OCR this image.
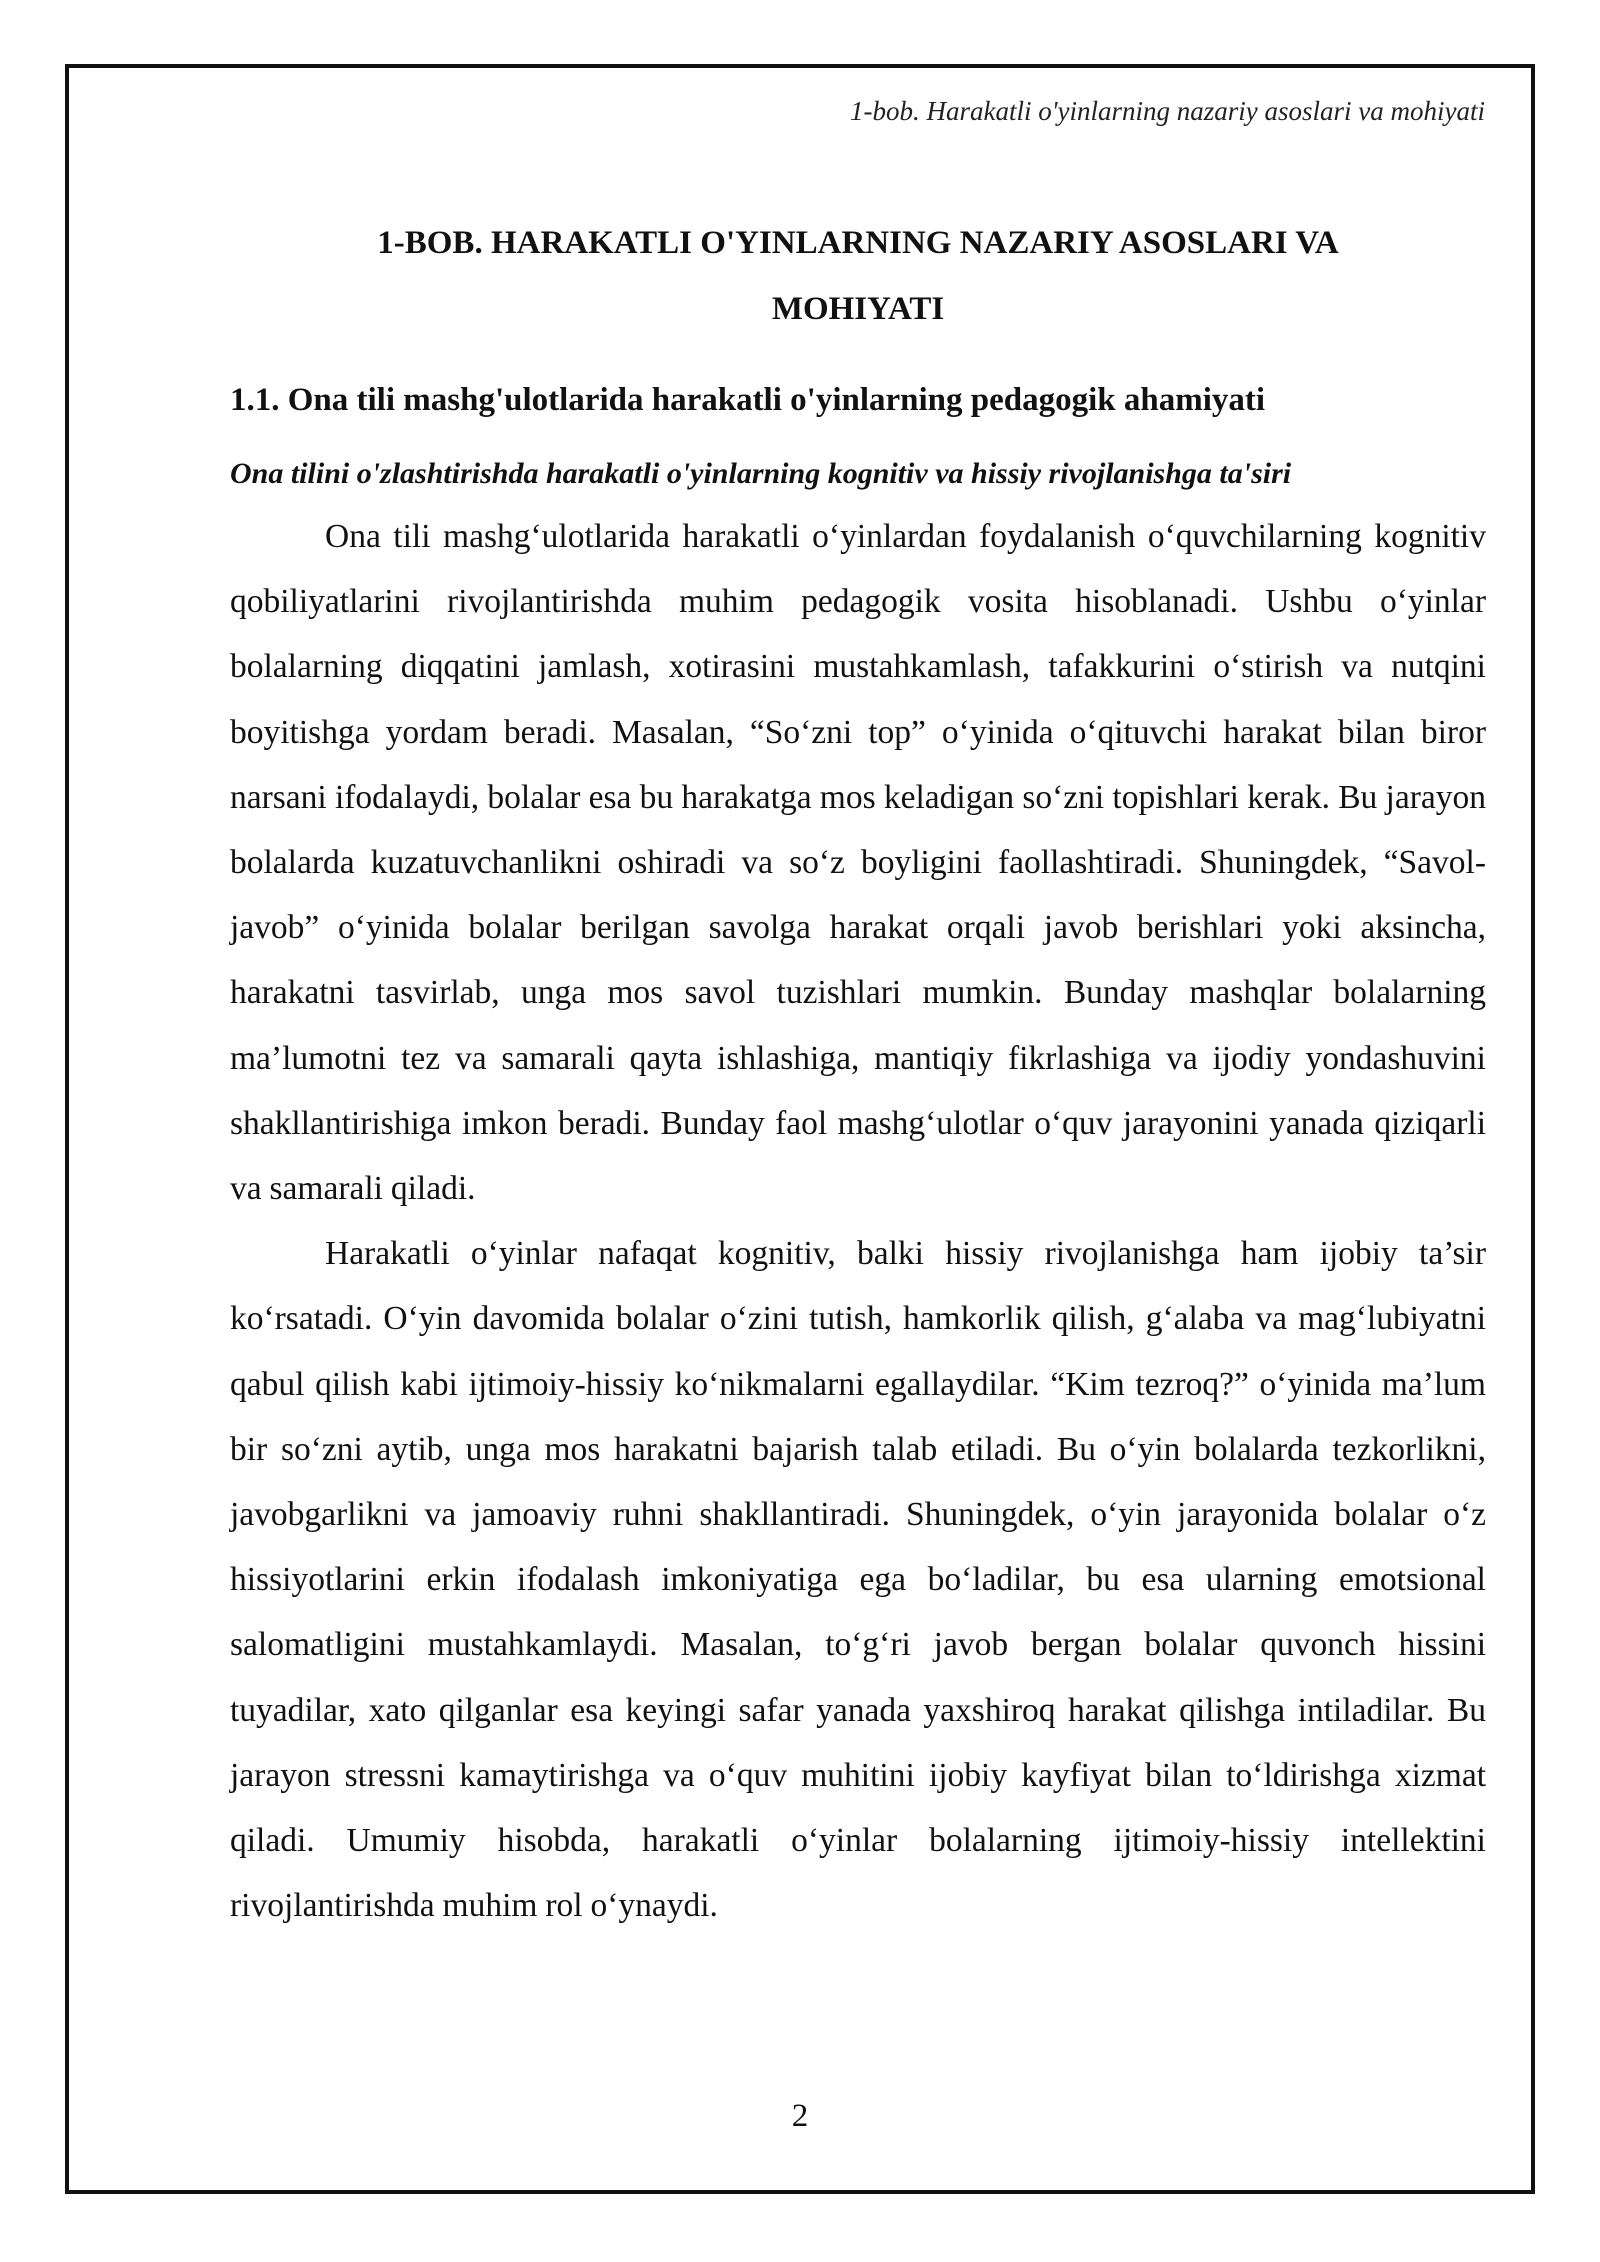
1-bob. Harakatli o'yinlarning nazariy asoslari va mohiyati
1-BOB. HARAKATLI O'YINLARNING NAZARIY ASOSLARI VA MOHIYATI
1.1. Ona tili mashg'ulotlarida harakatli o'yinlarning pedagogik ahamiyati
Ona tilini o'zlashtirishda harakatli o'yinlarning kognitiv va hissiy rivojlanishga ta'siri

Ona tili mashg‘ulotlarida harakatli o‘yinlardan foydalanish o‘quvchilarning kognitiv qobiliyatlarini rivojlantirishda muhim pedagogik vosita hisoblanadi. Ushbu o‘yinlar bolalarning diqqatini jamlash, xotirasini mustahkamlash, tafakkurini o‘stirish va nutqini boyitishga yordam beradi. Masalan, “So‘zni top” o‘yinida o‘qituvchi harakat bilan biror narsani ifodalaydi, bolalar esa bu harakatga mos keladigan so‘zni topishlari kerak. Bu jarayon bolalarda kuzatuvchanlikni oshiradi va so‘z boyligini faollashtiradi. Shuningdek, “Savol-javob” o‘yinida bolalar berilgan savolga harakat orqali javob berishlari yoki aksincha, harakatni tasvirlab, unga mos savol tuzishlari mumkin. Bunday mashqlar bolalarning ma’lumotni tez va samarali qayta ishlashiga, mantiqiy fikrlashiga va ijodiy yondashuvini shakllantirishiga imkon beradi. Bunday faol mashg‘ulotlar o‘quv jarayonini yanada qiziqarli va samarali qiladi.

Harakatli o‘yinlar nafaqat kognitiv, balki hissiy rivojlanishga ham ijobiy ta’sir ko‘rsatadi. O‘yin davomida bolalar o‘zini tutish, hamkorlik qilish, g‘alaba va mag‘lubiyatni qabul qilish kabi ijtimoiy-hissiy ko‘nikmalarni egallaydilar. “Kim tezroq?” o‘yinida ma’lum bir so‘zni aytib, unga mos harakatni bajarish talab etiladi. Bu o‘yin bolalarda tezkorlikni, javobgarlikni va jamoaviy ruhni shakllantiradi. Shuningdek, o‘yin jarayonida bolalar o‘z hissiyotlarini erkin ifodalash imkoniyatiga ega bo‘ladilar, bu esa ularning emotsional salomatligini mustahkamlaydi. Masalan, to‘g‘ri javob bergan bolalar quvonch hissini tuyadilar, xato qilganlar esa keyingi safar yanada yaxshiroq harakat qilishga intiladilar. Bu jarayon stressni kamaytirishga va o‘quv muhitini ijobiy kayfiyat bilan to‘ldirishga xizmat qiladi. Umumiy hisobda, harakatli o‘yinlar bolalarning ijtimoiy-hissiy intellektini rivojlantirishda muhim rol o‘ynaydi.

2
